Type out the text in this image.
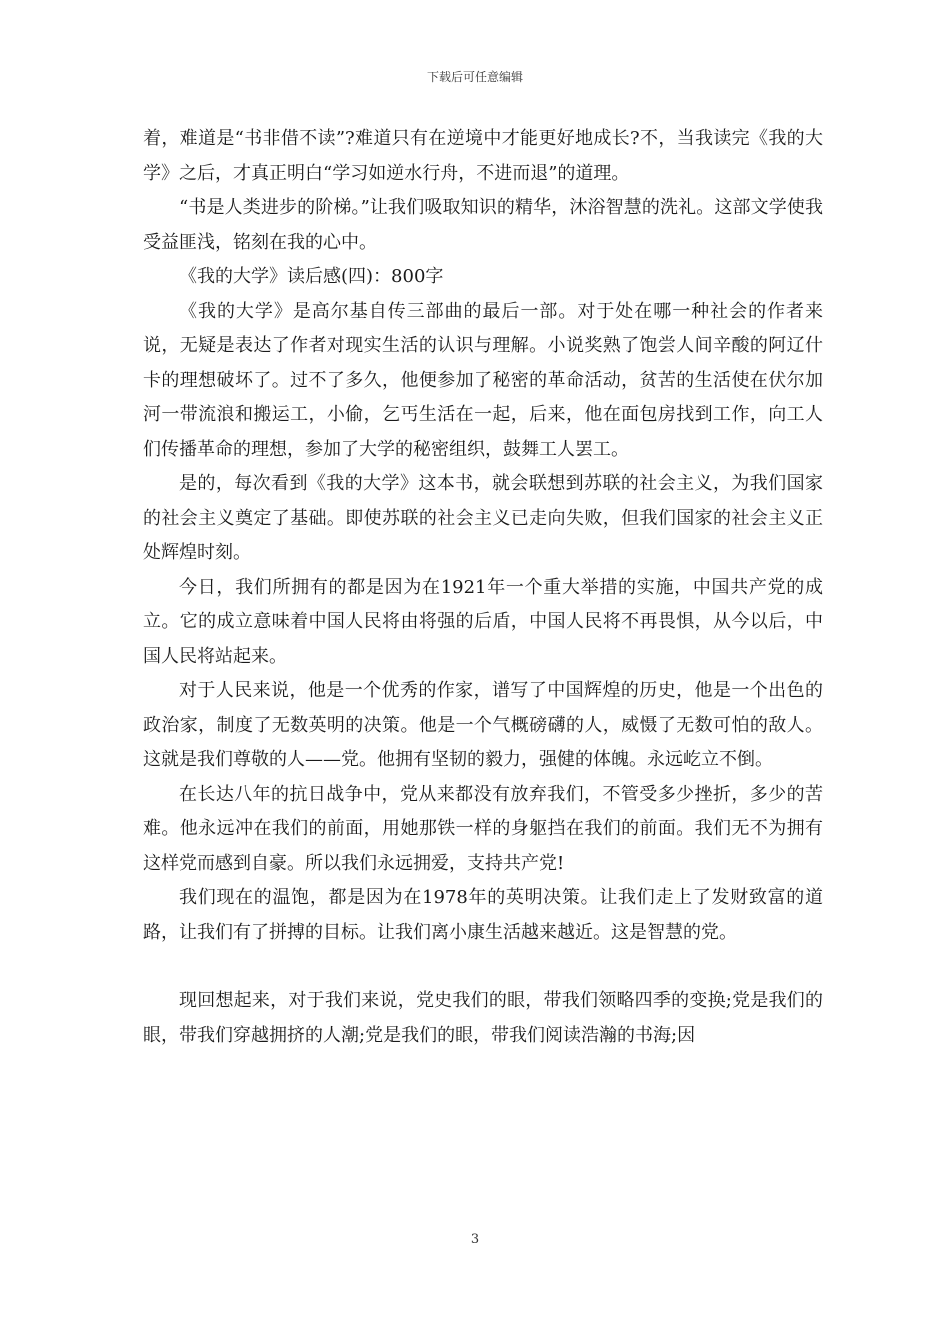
下载后可任意编辑

着，难道是“书非借不读”?难道只有在逆境中才能更好地成长?不，当我读完《我的大学》之后，才真正明白“学习如逆水行舟，不进而退”的道理。

“书是人类进步的阶梯。”让我们吸取知识的精华，沐浴智慧的洗礼。这部文学使我受益匪浅，铭刻在我的心中。

《我的大学》读后感(四)：800字

《我的大学》是高尔基自传三部曲的最后一部。对于处在哪一种社会的作者来说，无疑是表达了作者对现实生活的认识与理解。小说奖熟了饱尝人间辛酸的阿辽什卡的理想破坏了。过不了多久，他便参加了秘密的革命活动，贫苦的生活使在伏尔加河一带流浪和搬运工，小偷，乞丐生活在一起，后来，他在面包房找到工作，向工人们传播革命的理想，参加了大学的秘密组织，鼓舞工人罢工。

是的，每次看到《我的大学》这本书，就会联想到苏联的社会主义，为我们国家的社会主义奠定了基础。即使苏联的社会主义已走向失败，但我们国家的社会主义正处辉煌时刻。

今日，我们所拥有的都是因为在1921年一个重大举措的实施，中国共产党的成立。它的成立意味着中国人民将由将强的后盾，中国人民将不再畏惧，从今以后，中国人民将站起来。

对于人民来说，他是一个优秀的作家，谱写了中国辉煌的历史，他是一个出色的政治家，制度了无数英明的决策。他是一个气概磅礴的人，威慑了无数可怕的敌人。这就是我们尊敬的人——党。他拥有坚韧的毅力，强健的体魄。永远屹立不倒。

在长达八年的抗日战争中，党从来都没有放弃我们，不管受多少挫折，多少的苦难。他永远冲在我们的前面，用她那铁一样的身躯挡在我们的前面。我们无不为拥有这样党而感到自豪。所以我们永远拥爱，支持共产党!

我们现在的温饱，都是因为在1978年的英明决策。让我们走上了发财致富的道路，让我们有了拼搏的目标。让我们离小康生活越来越近。这是智慧的党。

现回想起来，对于我们来说，党史我们的眼，带我们领略四季的变换;党是我们的眼，带我们穿越拥挤的人潮;党是我们的眼，带我们阅读浩瀚的书海;因

3
